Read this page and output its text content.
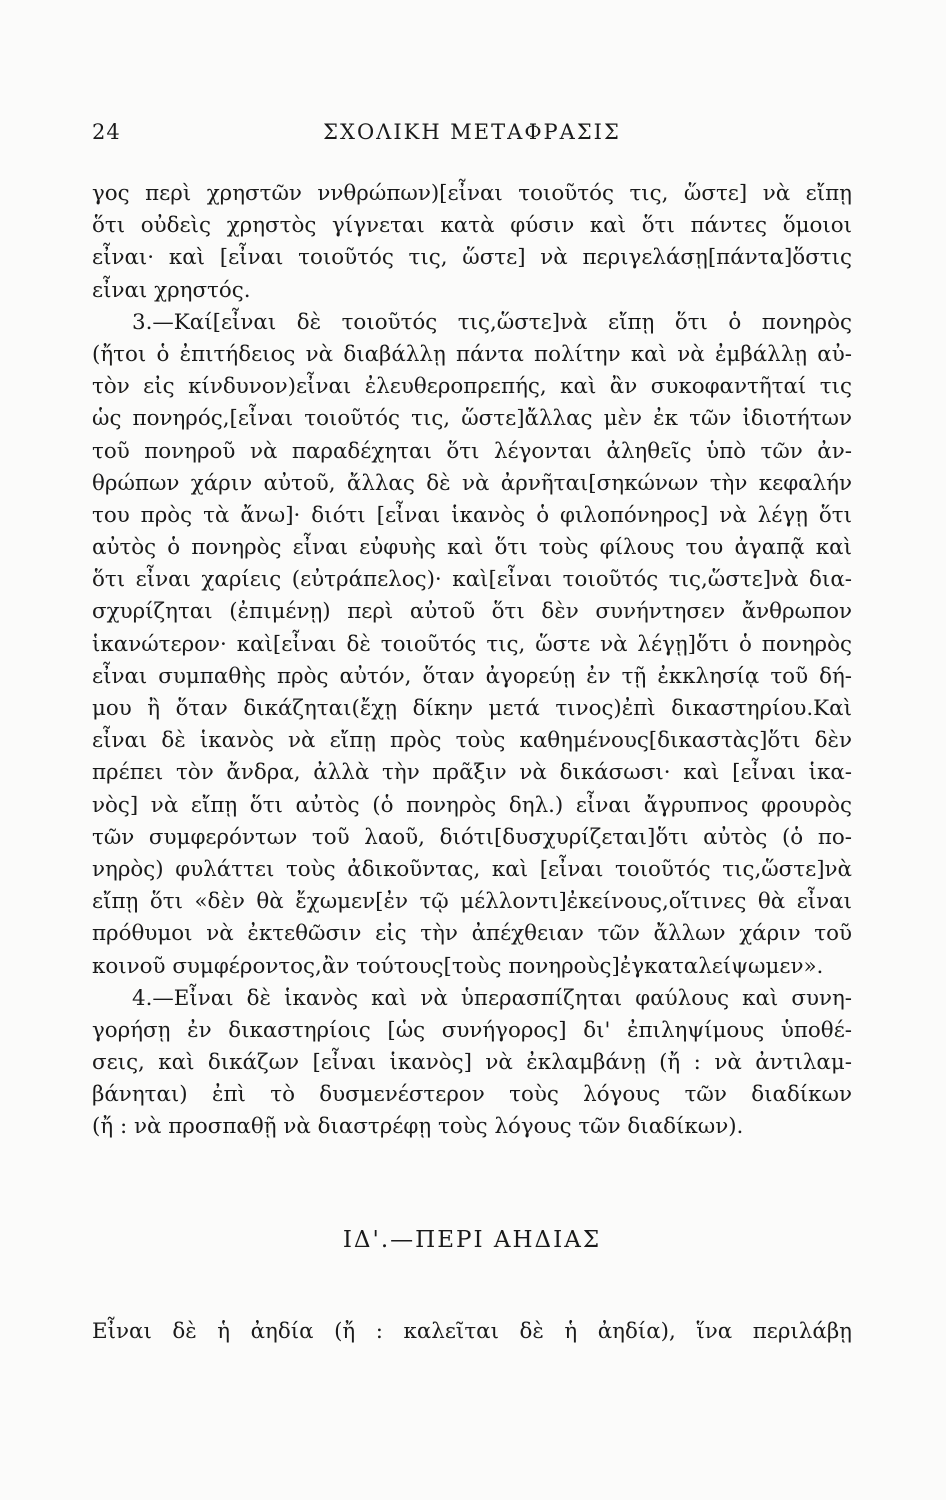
24	ΣΧΟΛΙΚΗ ΜΕΤΑΦΡΑΣΙΣ
γος περὶ χρηστῶν ννθρώπων)[εἶναι τοιοῦτός τις, ὥστε] νὰ εἴπῃ
ὅτι οὐδεὶς χρηστὸς γίγνεται κατὰ φύσιν καὶ ὅτι πάντες ὅμοιοι
εἶναι· καὶ [εἶναι τοιοῦτός τις, ὥστε] νὰ περιγελάσῃ[πάντα]ὅστις
εἶναι χρηστός.
3.—Καί[εἶναι δὲ τοιοῦτός τις,ὥστε]νὰ εἴπῃ ὅτι ὁ πονηρὸς
(ἤτοι ὁ ἐπιτήδειος νὰ διαβάλλῃ πάντα πολίτην καὶ νὰ ἐμβάλλῃ αὐ-
τὸν εἰς κίνδυνον)εἶναι ἐλευθεροπρεπής, καὶ ἂν συκοφαντῆταί τις
ὡς πονηρός,[εἶναι τοιοῦτός τις, ὥστε]ἄλλας μὲν ἐκ τῶν ἰδιοτήτων
τοῦ πονηροῦ νὰ παραδέχηται ὅτι λέγονται ἀληθεῖς ὑπὸ τῶν ἀν-
θρώπων χάριν αὐτοῦ, ἄλλας δὲ νὰ ἀρνῆται[σηκώνων τὴν κεφαλήν
του πρὸς τὰ ἄνω]· διότι [εἶναι ἱκανὸς ὁ φιλοπόνηρος] νὰ λέγῃ ὅτι
αὐτὸς ὁ πονηρὸς εἶναι εὐφυὴς καὶ ὅτι τοὺς φίλους του ἀγαπᾷ καὶ
ὅτι εἶναι χαρίεις (εὐτράπελος)· καὶ[εἶναι τοιοῦτός τις,ὥστε]νὰ δια-
σχυρίζηται (ἐπιμένῃ) περὶ αὐτοῦ ὅτι δὲν συνήντησεν ἄνθρωπον
ἱκανώτερον· καὶ[εἶναι δὲ τοιοῦτός τις, ὥστε νὰ λέγῃ]ὅτι ὁ πονηρὸς
εἶναι συμπαθὴς πρὸς αὐτόν, ὅταν ἀγορεύῃ ἐν τῇ ἐκκλησίᾳ τοῦ δή-
μου ἢ ὅταν δικάζηται(ἔχῃ δίκην μετά τινος)ἐπὶ δικαστηρίου.Καὶ
εἶναι δὲ ἱκανὸς νὰ εἴπῃ πρὸς τοὺς καθημένους[δικαστὰς]ὅτι δὲν
πρέπει τὸν ἄνδρα, ἀλλὰ τὴν πρᾶξιν νὰ δικάσωσι· καὶ [εἶναι ἱκα-
νὸς] νὰ εἴπῃ ὅτι αὐτὸς (ὁ πονηρὸς δηλ.) εἶναι ἄγρυπνος φρουρὸς
τῶν συμφερόντων τοῦ λαοῦ, διότι[δυσχυρίζεται]ὅτι αὐτὸς (ὁ πο-
νηρὸς) φυλάττει τοὺς ἀδικοῦντας, καὶ [εἶναι τοιοῦτός τις,ὥστε]νὰ
εἴπῃ ὅτι «δὲν θὰ ἔχωμεν[ἐν τῷ μέλλοντι]ἐκείνους,οἵτινες θὰ εἶναι
πρόθυμοι νὰ ἐκτεθῶσιν εἰς τὴν ἀπέχθειαν τῶν ἄλλων χάριν τοῦ
κοινοῦ συμφέροντος,ἂν τούτους[τοὺς πονηροὺς]ἐγκαταλείψωμεν».
4.—Εἶναι δὲ ἱκανὸς καὶ νὰ ὑπερασπίζηται φαύλους καὶ συνη-
γορήσῃ ἐν δικαστηρίοις [ὡς συνήγορος] δι' ἐπιληψίμους ὑποθέ-
σεις, καὶ δικάζων [εἶναι ἱκανὸς] νὰ ἐκλαμβάνῃ (ἤ : νὰ ἀντιλαμ-
βάνηται) ἐπὶ τὸ δυσμενέστερον τοὺς λόγους τῶν διαδίκων
(ἤ : νὰ προσπαθῇ νὰ διαστρέφῃ τοὺς λόγους τῶν διαδίκων).
ΙΔ'.—ΠΕΡΙ ΑΗΔΙΑΣ
Εἶναι δὲ ἡ ἀηδία (ἤ : καλεῖται δὲ ἡ ἀηδία), ἵνα περιλάβῃ
